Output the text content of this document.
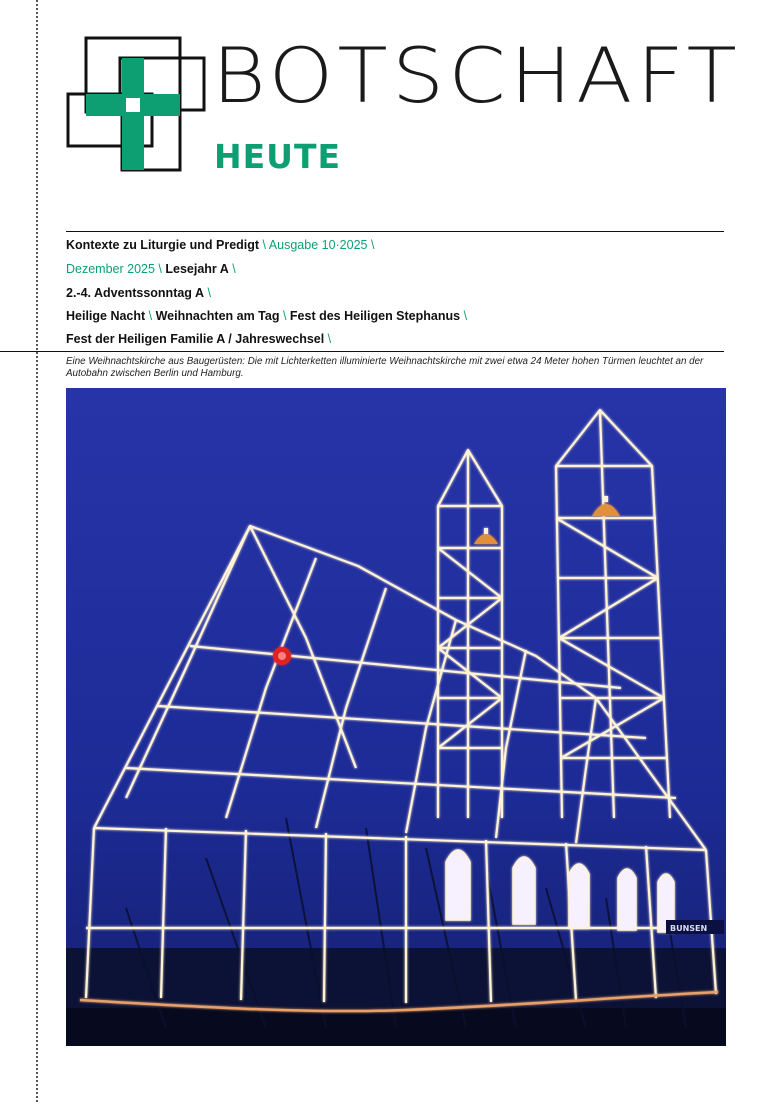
BOTSCHAFT
HEUTE
Kontexte zu Liturgie und Predigt \ Ausgabe 10·2025 \
Dezember 2025 \ Lesejahr A \
2.-4. Adventssonntag A \
Heilige Nacht \ Weihnachten am Tag \ Fest des Heiligen Stephanus \
Fest der Heiligen Familie A / Jahreswechsel \
Eine Weihnachtskirche aus Baugerüsten: Die mit Lichterketten illuminierte Weihnachtskirche mit zwei etwa 24 Meter hohen Türmen leuchtet an der Autobahn zwischen Berlin und Hamburg.
BUNSEN
